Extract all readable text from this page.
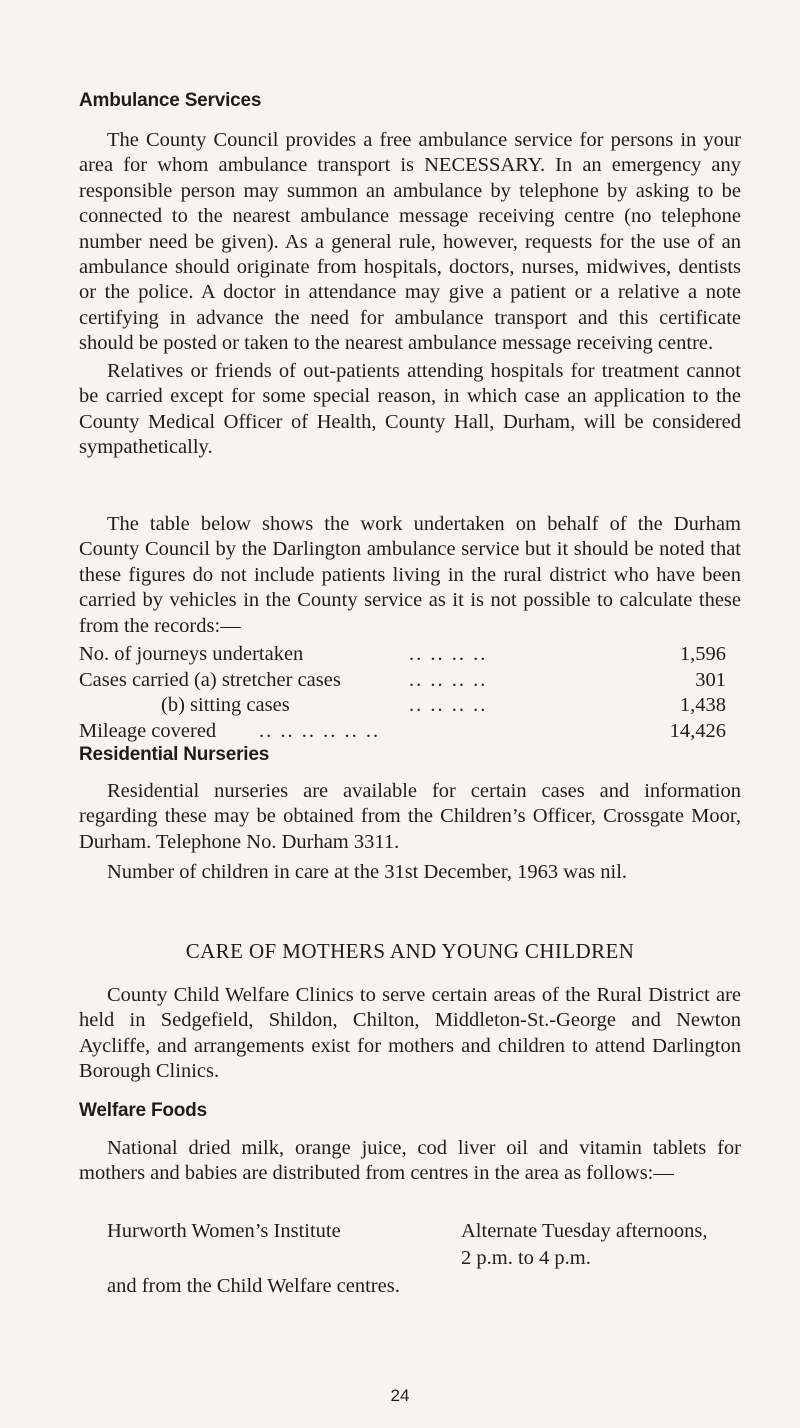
Ambulance Services

The County Council provides a free ambulance service for persons in your area for whom ambulance transport is NECESSARY. In an emergency any responsible person may summon an ambulance by telephone by asking to be connected to the nearest ambulance message receiving centre (no telephone number need be given). As a general rule, however, requests for the use of an ambulance should originate from hospitals, doctors, nurses, midwives, dentists or the police. A doctor in attendance may give a patient or a relative a note certifying in advance the need for ambulance transport and this certificate should be posted or taken to the nearest ambulance message receiving centre.

Relatives or friends of out-patients attending hospitals for treatment cannot be carried except for some special reason, in which case an application to the County Medical Officer of Health, County Hall, Durham, will be considered sympathetically.

The table below shows the work undertaken on behalf of the Durham County Council by the Darlington ambulance service but it should be noted that these figures do not include patients living in the rural district who have been carried by vehicles in the County service as it is not possible to calculate these from the records:—

No. of journeys undertaken	.. .. .. ..	1,596
Cases carried (a) stretcher cases	.. .. .. ..	301
(b) sitting cases	.. .. .. ..	1,438
Mileage covered .. .. .. .. .. ..	14,426
Residential Nurseries

Residential nurseries are available for certain cases and information regarding these may be obtained from the Children’s Officer, Crossgate Moor, Durham. Telephone No. Durham 3311.

Number of children in care at the 31st December, 1963 was nil.

CARE OF MOTHERS AND YOUNG CHILDREN

County Child Welfare Clinics to serve certain areas of the Rural District are held in Sedgefield, Shildon, Chilton, Middleton-St.-George and Newton Aycliffe, and arrangements exist for mothers and children to attend Darlington Borough Clinics.

Welfare Foods

National dried milk, orange juice, cod liver oil and vitamin tablets for mothers and babies are distributed from centres in the area as follows:—

Hurworth Women’s Institute	Alternate Tuesday afternoons,
2 p.m. to 4 p.m.
and from the Child Welfare centres.
24
